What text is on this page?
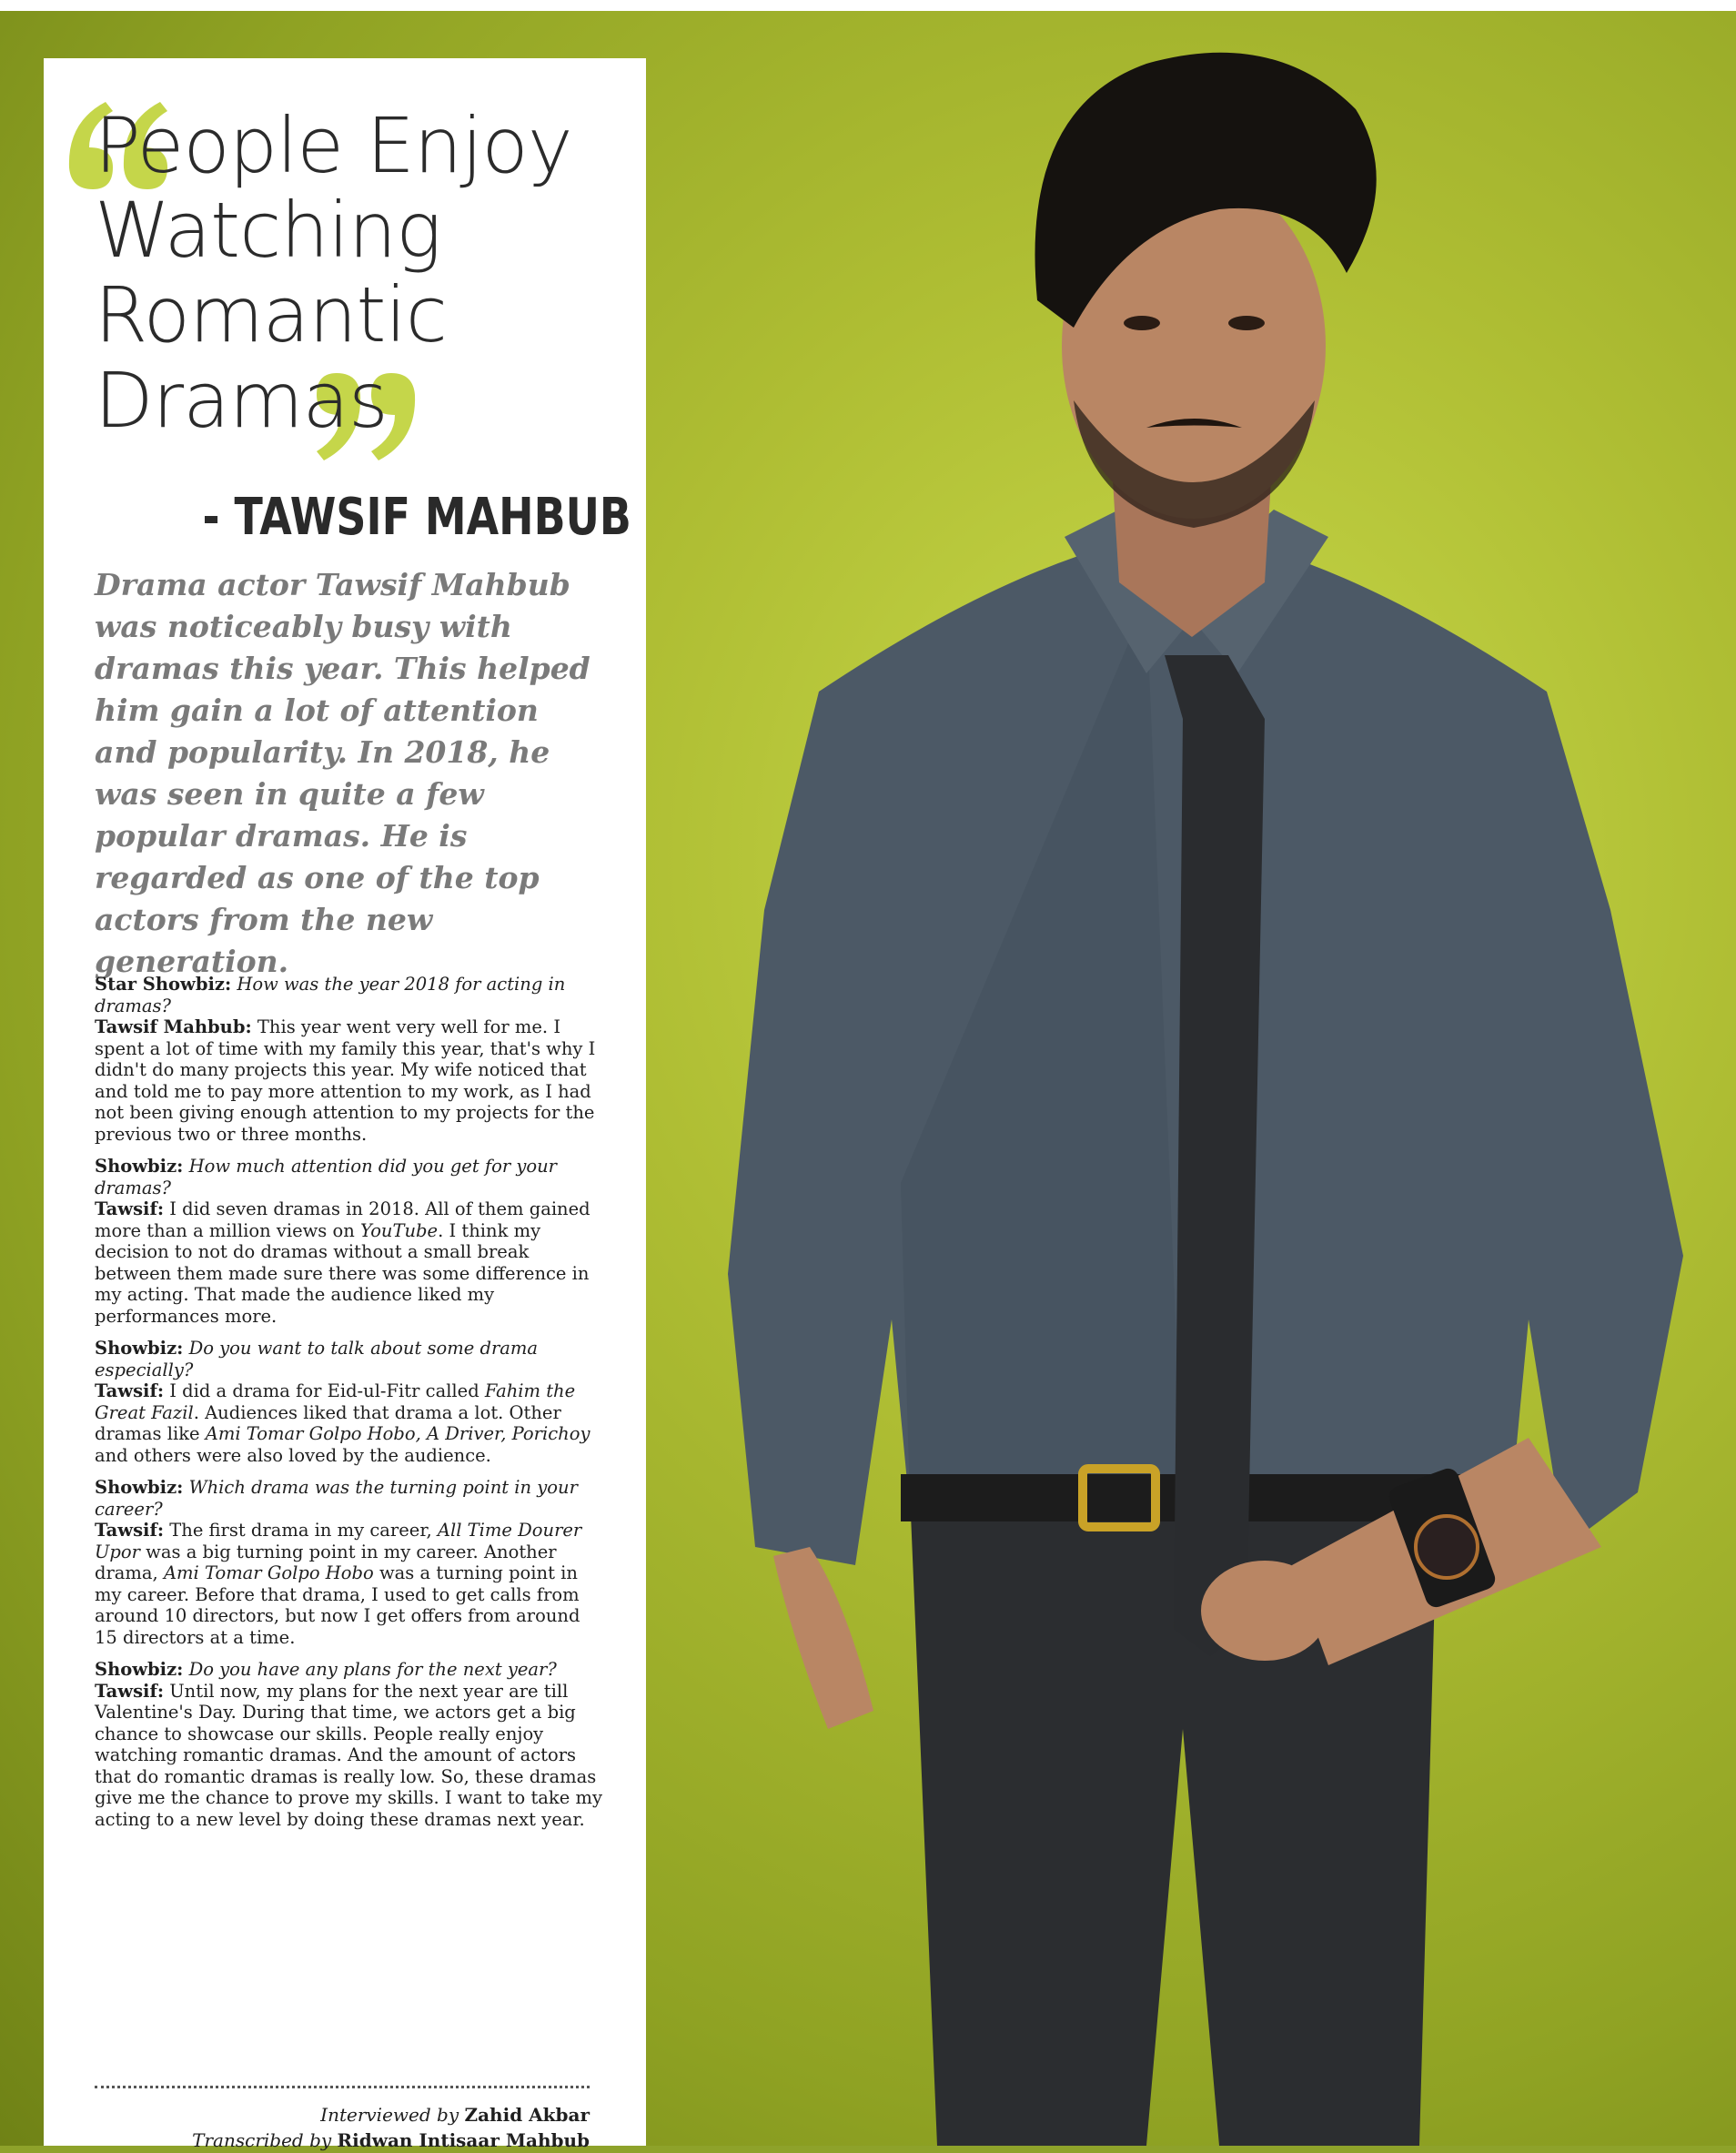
People Enjoy
Watching
Romantic
Dramas

- TAWSIF MAHBUB

Drama actor Tawsif Mahbub was noticeably busy with dramas this year. This helped him gain a lot of attention and popularity. In 2018, he was seen in quite a few popular dramas. He is regarded as one of the top actors from the new generation.

Star Showbiz: How was the year 2018 for acting in dramas?
Tawsif Mahbub: This year went very well for me. I spent a lot of time with my family this year, that's why I didn't do many projects this year. My wife noticed that and told me to pay more attention to my work, as I had not been giving enough attention to my projects for the previous two or three months.

Showbiz: How much attention did you get for your dramas?
Tawsif: I did seven dramas in 2018. All of them gained more than a million views on YouTube. I think my decision to not do dramas without a small break between them made sure there was some difference in my acting. That made the audience liked my performances more.

Showbiz: Do you want to talk about some drama especially?
Tawsif: I did a drama for Eid-ul-Fitr called Fahim the Great Fazil. Audiences liked that drama a lot. Other dramas like Ami Tomar Golpo Hobo, A Driver, Porichoy and others were also loved by the audience.

Showbiz: Which drama was the turning point in your career?
Tawsif: The first drama in my career, All Time Dourer Upor was a big turning point in my career. Another drama, Ami Tomar Golpo Hobo was a turning point in my career. Before that drama, I used to get calls from around 10 directors, but now I get offers from around 15 directors at a time.

Showbiz: Do you have any plans for the next year?
Tawsif: Until now, my plans for the next year are till Valentine's Day. During that time, we actors get a big chance to showcase our skills. People really enjoy watching romantic dramas. And the amount of actors that do romantic dramas is really low. So, these dramas give me the chance to prove my skills. I want to take my acting to a new level by doing these dramas next year.

Interviewed by Zahid Akbar
Transcribed by Ridwan Intisaar Mahbub
